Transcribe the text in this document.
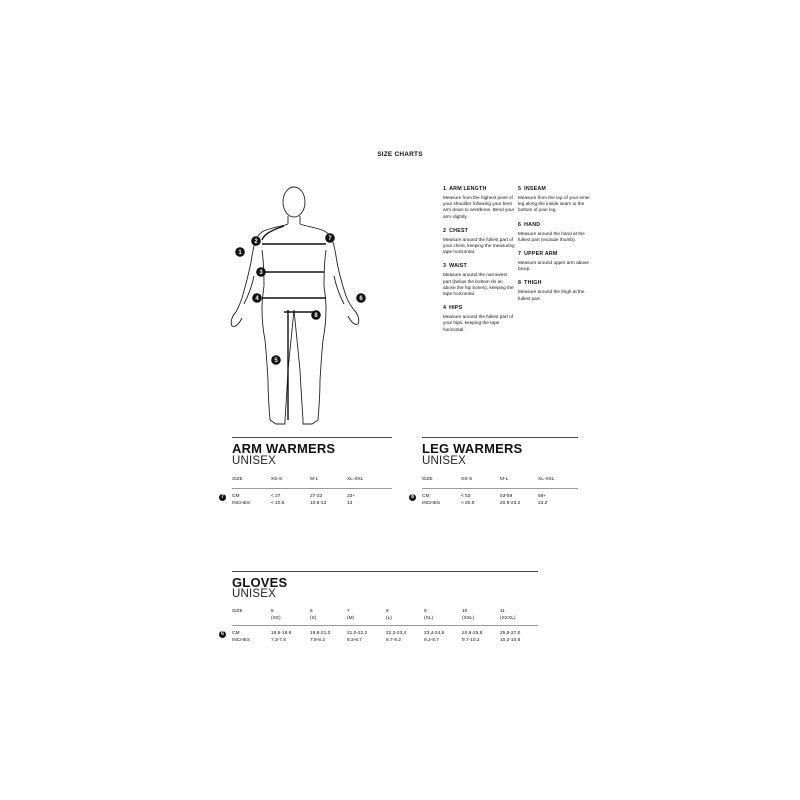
SIZE CHARTS
1
2
3
4
5
6
7
8
1 ARM LENGTH
Measure from the highest point of your shoulder following your bent arm down to wristbone. Bend your arm slightly.
2 CHEST
Measure around the fullest part of your chest, keeping the measuring tape horizontal.
3 WAIST
Measure around the narrowest part (below the bottom rib an above the hip bones), keeping the tape horizontal.
4 HIPS
Measure around the fullest part of your hips, keeping the tape horizontal.
5 INSEAM
Measure from the top of your inner leg along the inside seam to the bottom of your leg.
6 HAND
Measure around the hand at the fullest part (exclude thumb).
7 UPPER ARM
Measure around upper arm above bicep.
8 THIGH
Measure around the thigh at the fullest part.
ARM WARMERS
UNISEX
SIZE	XS-S	M-L	XL-XXL
7	CM	< 27	27-33	33+
INCHES	< 10.5	10.5-13	13
LEG WARMERS
UNISEX
SIZE	XS-S	M-L	XL-XXL
8	CM	< 53	53-59	59+
INCHES	< 20.9	20.9-23.2	23.2
GLOVES
UNISEX
SIZE	5	6	7	8	9	10	11
(XS)	(S)	(M)	(L)	(XL)	(XXL)	(XXXL)
6	CM	18,6-19,8	19,8-21,0	21,0-22,2	22,2-23,4	23,4-24,6	24,6-25,8	25,8-27,0
INCHES	7.3-7.8	7.8-8.3	8.3-8.7	8.7-9.2	9.2-9.7	9.7-10.2	10.2-10.6
